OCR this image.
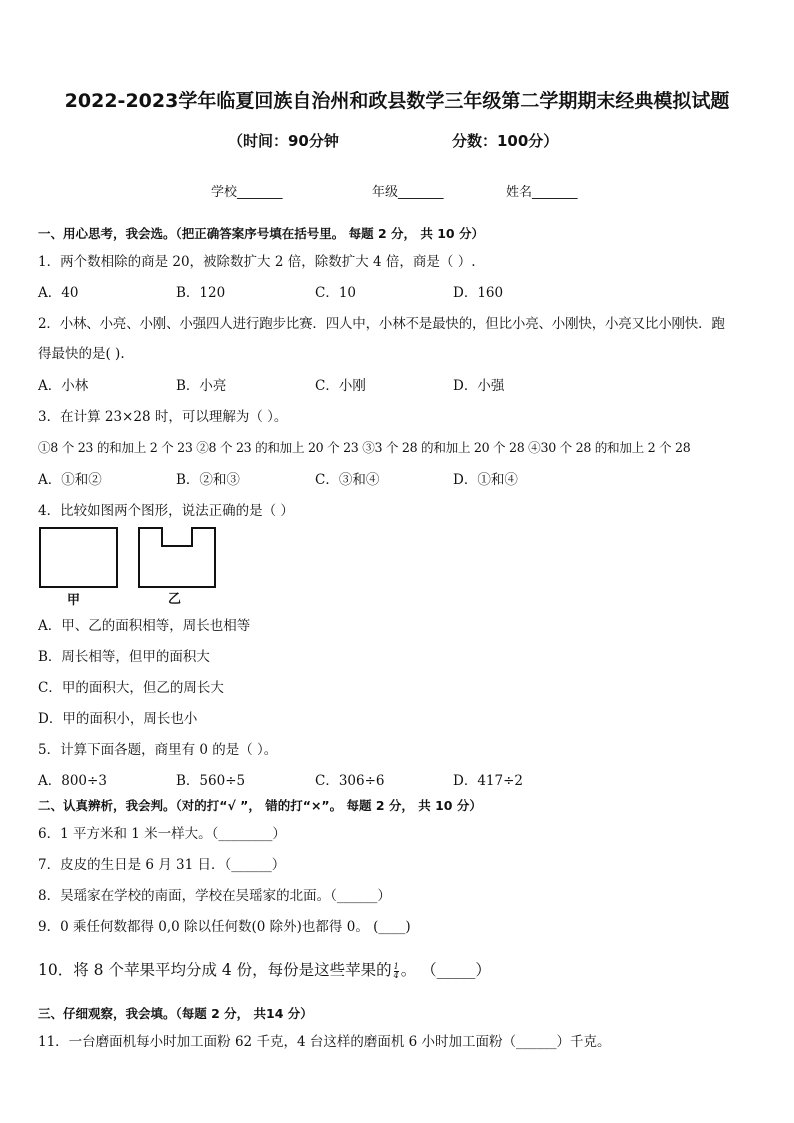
2022-2023学年临夏回族自治州和政县数学三年级第二学期期末经典模拟试题
（时间：90分钟	分数：100分）
学校_______	年级_______	姓名_______
一、用心思考，我会选。（把正确答案序号填在括号里。 每题 2 分， 共 10 分）
1．两个数相除的商是 20，被除数扩大 2 倍，除数扩大 4 倍，商是（ ）.
A．40	B．120	C．10	D．160
2．小林、小亮、小刚、小强四人进行跑步比赛．四人中，小林不是最快的，但比小亮、小刚快，小亮又比小刚快．跑
得最快的是( ).
A．小林	B．小亮	C．小刚	D．小强
3．在计算 23×28 时，可以理解为（ ）。
①8 个 23 的和加上 2 个 23 ②8 个 23 的和加上 20 个 23 ③3 个 28 的和加上 20 个 28 ④30 个 28 的和加上 2 个 28
A．①和②	B．②和③	C．③和④	D．①和④
4．比较如图两个图形，说法正确的是（ ）
甲	乙
A．甲、乙的面积相等，周长也相等
B．周长相等，但甲的面积大
C．甲的面积大，但乙的周长大
D．甲的面积小，周长也小
5．计算下面各题，商里有 0 的是（ ）。
A．800÷3	B．560÷5	C．306÷6	D．417÷2
二、认真辨析，我会判。（对的打“√ ”， 错的打“×”。 每题 2 分， 共 10 分）
6．1 平方米和 1 米一样大。（________）
7．皮皮的生日是 6 月 31 日．（______）
8．吴瑶家在学校的南面，学校在吴瑶家的北面。（______）
9．0 乘任何数都得 0,0 除以任何数(0 除外)也都得 0。 (____)
10．将 8 个苹果平均分成 4 份，每份是这些苹果的 $\frac{1}{4}$ 。 （_____）
三、仔细观察，我会填。（每题 2 分， 共14 分）
11．一台磨面机每小时加工面粉 62 千克，4 台这样的磨面机 6 小时加工面粉（______）千克。
